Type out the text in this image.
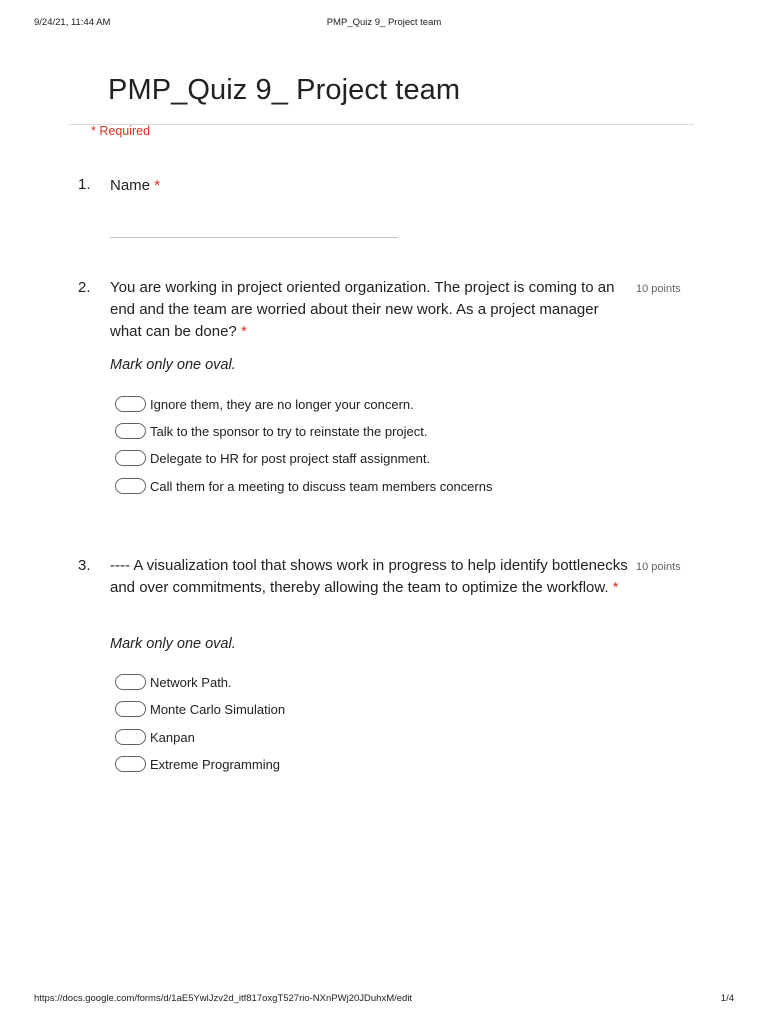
9/24/21, 11:44 AM	PMP_Quiz 9_ Project team
PMP_Quiz 9_ Project team
* Required
1. Name *
2. You are working in project oriented organization. The project is coming to an end and the team are worried about their new work. As a project manager what can be done? *
10 points
Mark only one oval.
Ignore them, they are no longer your concern.
Talk to the sponsor to try to reinstate the project.
Delegate to HR for post project staff assignment.
Call them for a meeting to discuss team members concerns
3. ---- A visualization tool that shows work in progress to help identify bottlenecks and over commitments, thereby allowing the team to optimize the workflow. *
10 points
Mark only one oval.
Network Path.
Monte Carlo Simulation
Kanpan
Extreme Programming
https://docs.google.com/forms/d/1aE5YwlJzv2d_itf817oxgT527rio-NXnPWj20JDuhxM/edit	1/4
